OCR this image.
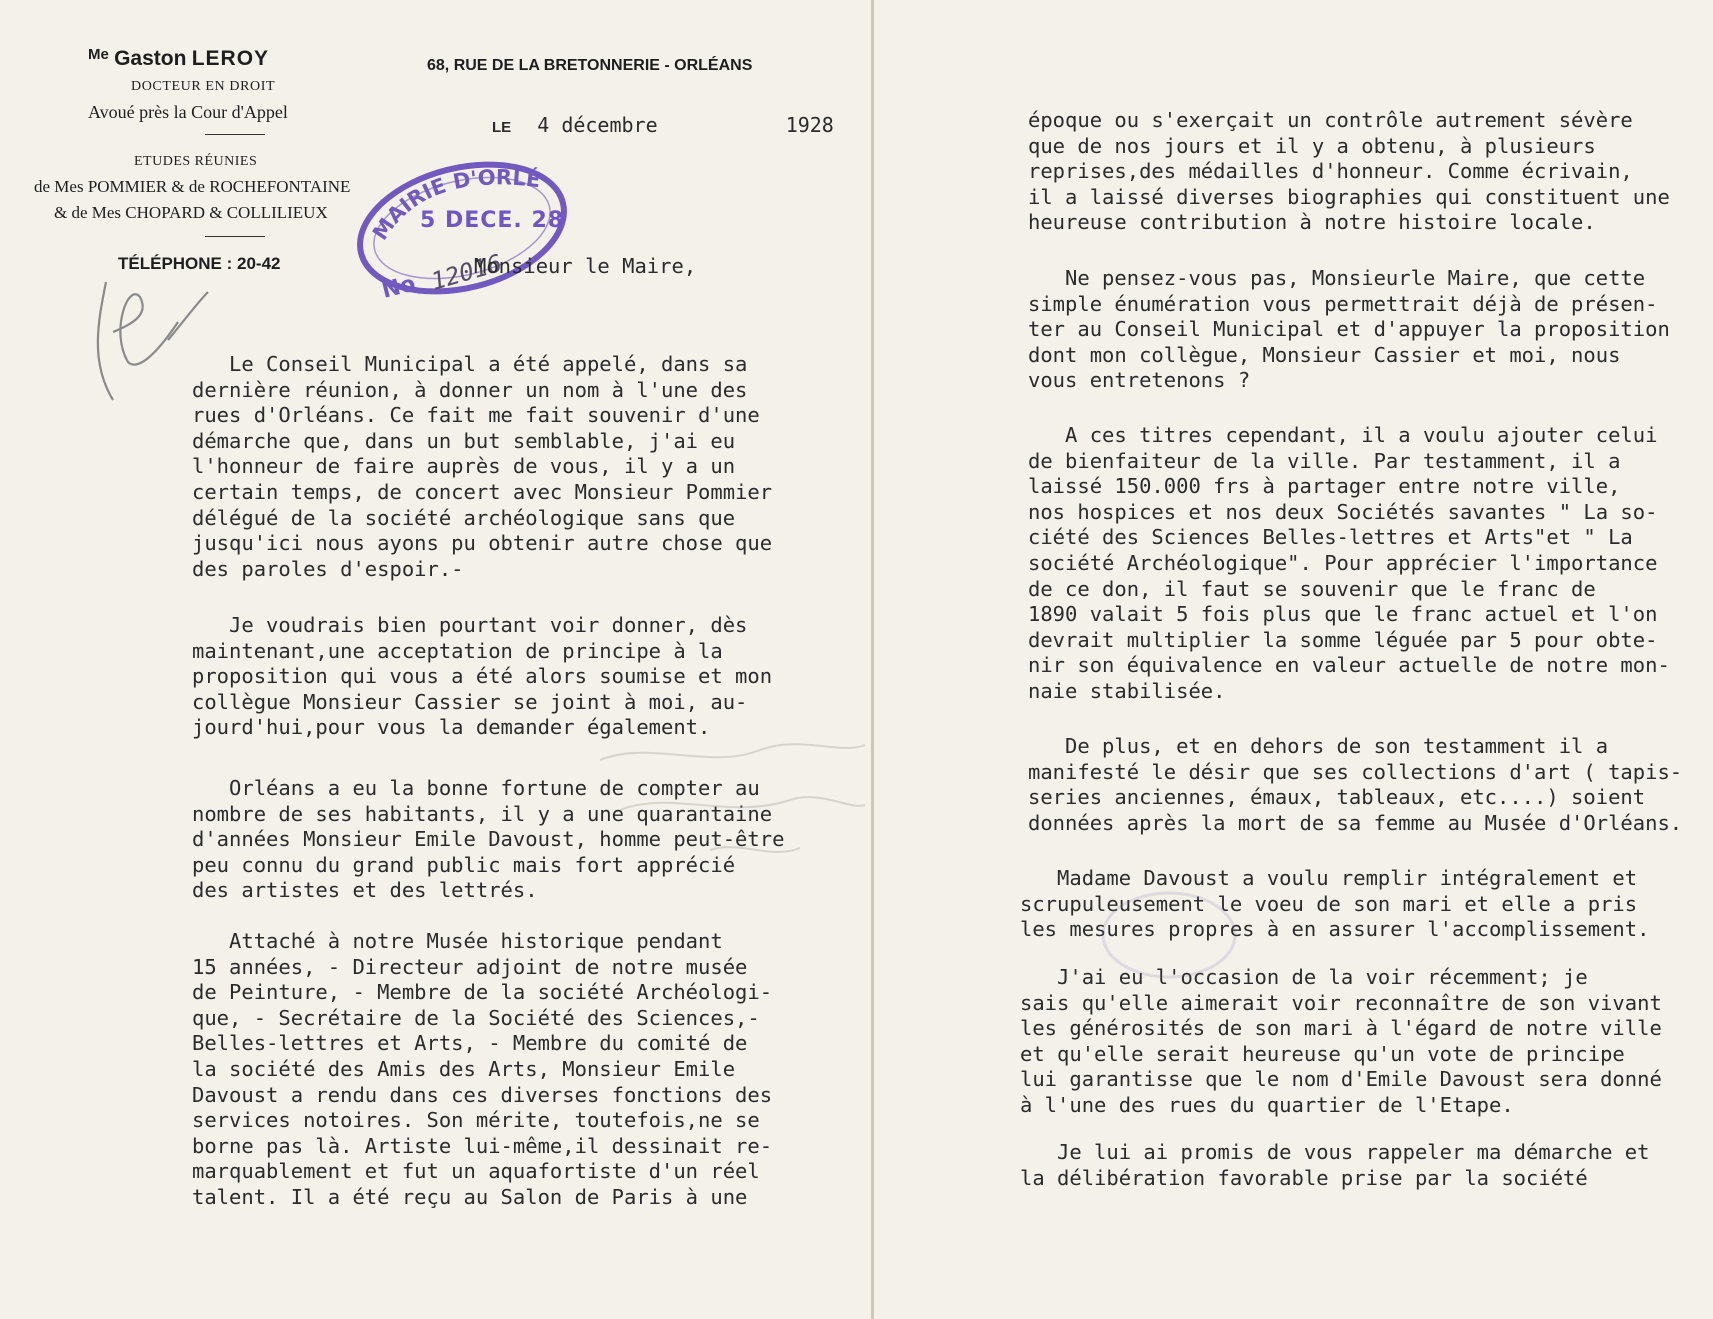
$^{Me}$ Gaston LEROY
DOCTEUR EN DROIT
Avoué près la Cour d'Appel
ETUDES RÉUNIES
de Mes POMMIER & de ROCHEFONTAINE
& de Mes CHOPARD & COLLILIEUX
TÉLÉPHONE : 20-42
68, RUE DE LA BRETONNERIE - ORLÉANS
LE 4 décembre	1928
MAIRIE D'ORLÉ
No 12016
5 DECE. 28
Monsieur le Maire,
Le Conseil Municipal a été appelé, dans sa
dernière réunion, à donner un nom à l'une des
rues d'Orléans. Ce fait me fait souvenir d'une
démarche que, dans un but semblable, j'ai eu
l'honneur de faire auprès de vous, il y a un
certain temps, de concert avec Monsieur Pommier
délégué de la société archéologique sans que
jusqu'ici nous ayons pu obtenir autre chose que
des paroles d'espoir.-
Je voudrais bien pourtant voir donner, dès
maintenant,une acceptation de principe à la
proposition qui vous a été alors soumise et mon
collègue Monsieur Cassier se joint à moi, au-
jourd'hui,pour vous la demander également.
Orléans a eu la bonne fortune de compter au
nombre de ses habitants, il y a une quarantaine
d'années Monsieur Emile Davoust, homme peut-être
peu connu du grand public mais fort apprécié
des artistes et des lettrés.
Attaché à notre Musée historique pendant
15 années, - Directeur adjoint de notre musée
de Peinture, - Membre de la société Archéologi-
que, - Secrétaire de la Société des Sciences,-
Belles-lettres et Arts, - Membre du comité de
la société des Amis des Arts, Monsieur Emile
Davoust a rendu dans ces diverses fonctions des
services notoires. Son mérite, toutefois,ne se
borne pas là. Artiste lui-même,il dessinait re-
marquablement et fut un aquafortiste d'un réel
talent. Il a été reçu au Salon de Paris à une
époque ou s'exerçait un contrôle autrement sévère
que de nos jours et il y a obtenu, à plusieurs
reprises,des médailles d'honneur. Comme écrivain,
il a laissé diverses biographies qui constituent une
heureuse contribution à notre histoire locale.
Ne pensez-vous pas, Monsieurle Maire, que cette
simple énumération vous permettrait déjà de présen-
ter au Conseil Municipal et d'appuyer la proposition
dont mon collègue, Monsieur Cassier et moi, nous
vous entretenons ?
A ces titres cependant, il a voulu ajouter celui
de bienfaiteur de la ville. Par testamment, il a
laissé 150.000 frs à partager entre notre ville,
nos hospices et nos deux Sociétés savantes " La so-
ciété des Sciences Belles-lettres et Arts"et " La
société Archéologique". Pour apprécier l'importance
de ce don, il faut se souvenir que le franc de
1890 valait 5 fois plus que le franc actuel et l'on
devrait multiplier la somme léguée par 5 pour obte-
nir son équivalence en valeur actuelle de notre mon-
naie stabilisée.
De plus, et en dehors de son testamment il a
manifesté le désir que ses collections d'art ( tapis-
series anciennes, émaux, tableaux, etc....) soient
données après la mort de sa femme au Musée d'Orléans.
Madame Davoust a voulu remplir intégralement et
scrupuleusement le voeu de son mari et elle a pris
les mesures propres à en assurer l'accomplissement.
J'ai eu l'occasion de la voir récemment; je
sais qu'elle aimerait voir reconnaître de son vivant
les générosités de son mari à l'égard de notre ville
et qu'elle serait heureuse qu'un vote de principe
lui garantisse que le nom d'Emile Davoust sera donné
à l'une des rues du quartier de l'Etape.
Je lui ai promis de vous rappeler ma démarche et
la délibération favorable prise par la société
